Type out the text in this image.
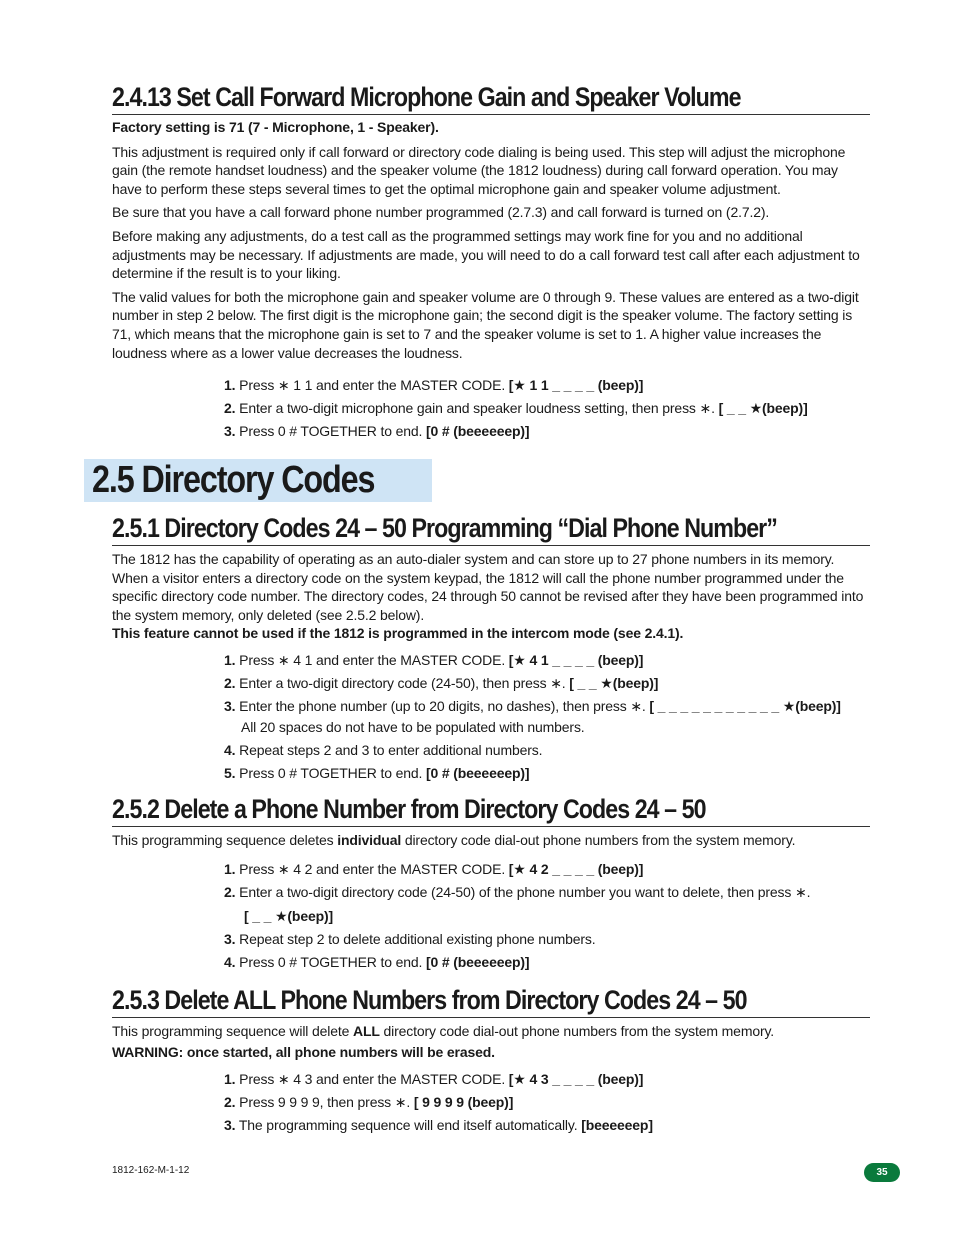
2.4.13 Set Call Forward Microphone Gain and Speaker Volume

Factory setting is 71 (7 - Microphone, 1 - Speaker).

This adjustment is required only if call forward or directory code dialing is being used. This step will adjust the microphone gain (the remote handset loudness) and the speaker volume (the 1812 loudness) during call forward operation. You may have to perform these steps several times to get the optimal microphone gain and speaker volume adjustment.

Be sure that you have a call forward phone number programmed (2.7.3) and call forward is turned on (2.7.2).

Before making any adjustments, do a test call as the programmed settings may work fine for you and no additional adjustments may be necessary. If adjustments are made, you will need to do a call forward test call after each adjustment to determine if the result is to your liking.

The valid values for both the microphone gain and speaker volume are 0 through 9. These values are entered as a two-digit number in step 2 below. The first digit is the microphone gain; the second digit is the speaker volume. The factory setting is 71, which means that the microphone gain is set to 7 and the speaker volume is set to 1. A higher value increases the loudness where as a lower value decreases the loudness.

1. Press ∗ 1 1 and enter the MASTER CODE. [★ 1 1 _ _ _ _ (beep)]
2. Enter a two-digit microphone gain and speaker loudness setting, then press ∗. [ _ _ ★(beep)]
3. Press 0 # TOGETHER to end. [0 # (beeeeeep)]
2.5 Directory Codes
2.5.1 Directory Codes 24 – 50 Programming “Dial Phone Number”

The 1812 has the capability of operating as an auto-dialer system and can store up to 27 phone numbers in its memory. When a visitor enters a directory code on the system keypad, the 1812 will call the phone number programmed under the specific directory code number. The directory codes, 24 through 50 cannot be revised after they have been programmed into the system memory, only deleted (see 2.5.2 below).

This feature cannot be used if the 1812 is programmed in the intercom mode (see 2.4.1).

1. Press ∗ 4 1 and enter the MASTER CODE. [★ 4 1 _ _ _ _ (beep)]
2. Enter a two-digit directory code (24-50), then press ∗. [ _ _ ★(beep)]
3. Enter the phone number (up to 20 digits, no dashes), then press ∗. [ _ _ _ _ _ _ _ _ _ _ _ ★(beep)]
All 20 spaces do not have to be populated with numbers.
4. Repeat steps 2 and 3 to enter additional numbers.
5. Press 0 # TOGETHER to end. [0 # (beeeeeep)]
2.5.2 Delete a Phone Number from Directory Codes 24 – 50

This programming sequence deletes individual directory code dial-out phone numbers from the system memory.

1. Press ∗ 4 2 and enter the MASTER CODE. [★ 4 2 _ _ _ _ (beep)]
2. Enter a two-digit directory code (24-50) of the phone number you want to delete, then press ∗.
[ _ _ ★(beep)]
3. Repeat step 2 to delete additional existing phone numbers.
4. Press 0 # TOGETHER to end. [0 # (beeeeeep)]
2.5.3 Delete ALL Phone Numbers from Directory Codes 24 – 50

This programming sequence will delete ALL directory code dial-out phone numbers from the system memory.

WARNING: once started, all phone numbers will be erased.

1. Press ∗ 4 3 and enter the MASTER CODE. [★ 4 3 _ _ _ _ (beep)]
2. Press 9 9 9 9, then press ∗. [ 9 9 9 9 (beep)]
3. The programming sequence will end itself automatically. [beeeeeep]
1812-162-M-1-12	35
